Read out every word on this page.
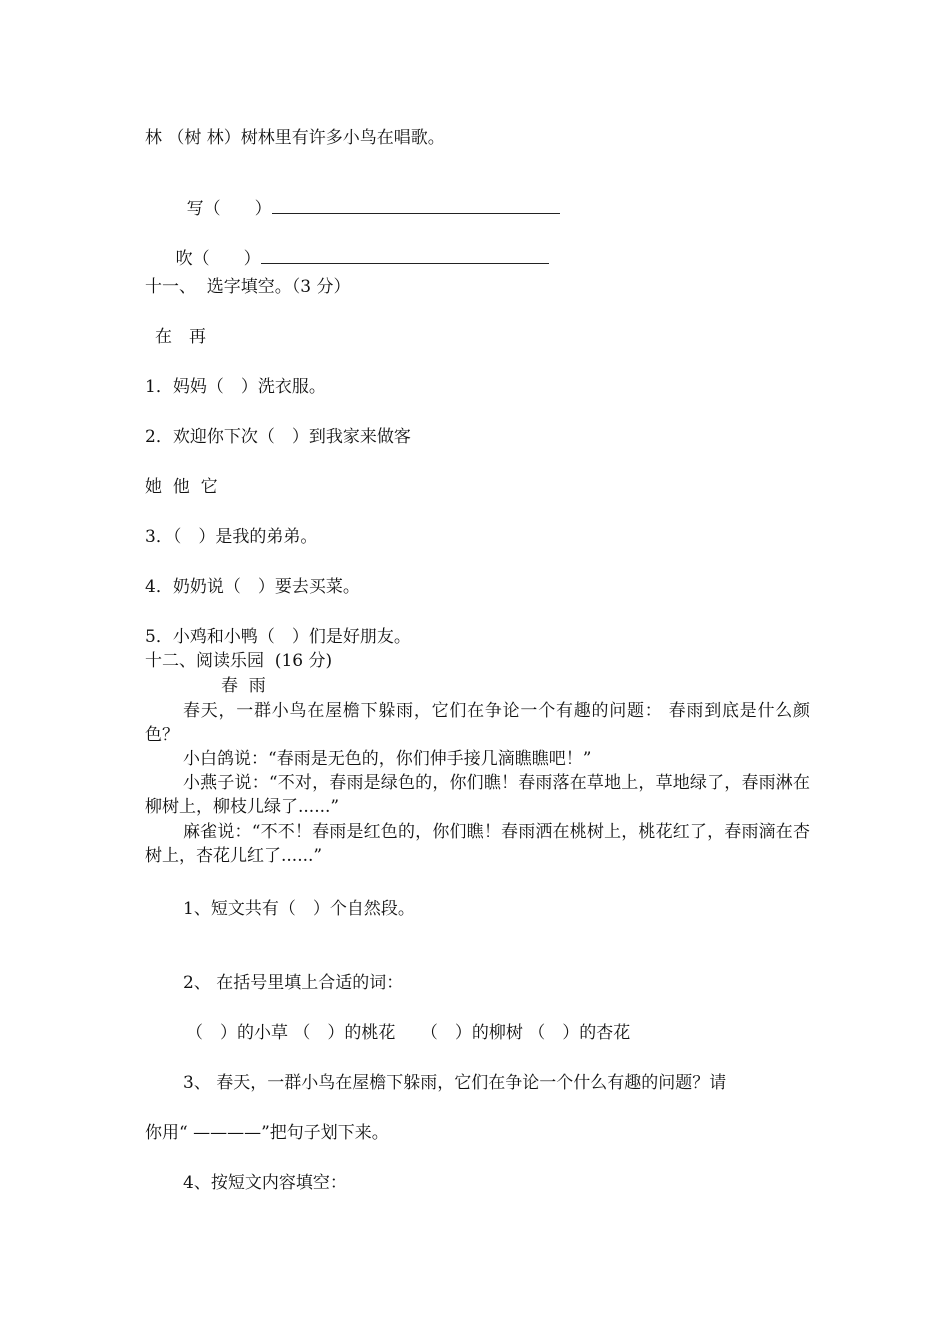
林 （树 林）树林里有许多小鸟在唱歌。

写（　　）

吹（　　）

十一、  选字填空。（3 分）
在　再
1．妈妈（　）洗衣服。
2．欢迎你下次（　）到我家来做客
她  他  它
3．（　）是我的弟弟。
4．奶奶说（　）要去买菜。
5．小鸡和小鸭（　）们是好朋友。
十二、阅读乐园  (16 分)
春  雨
春天，一群小鸟在屋檐下躲雨，它们在争论一个有趣的问题： 春雨到底是什么颜色？
小白鸽说：“春雨是无色的，你们伸手接几滴瞧瞧吧！”
小燕子说：“不对，春雨是绿色的，你们瞧！春雨落在草地上，草地绿了，春雨淋在柳树上，柳枝儿绿了......”
麻雀说：“不不！春雨是红色的，你们瞧！春雨洒在桃树上，桃花红了，春雨滴在杏树上，杏花儿红了......”
1、短文共有（　）个自然段。
2、 在括号里填上合适的词：
（　）的小草 （　）的桃花　　（　）的柳树 （　）的杏花
3、 春天，一群小鸟在屋檐下躲雨，它们在争论一个什么有趣的问题？请
你用“ ————”把句子划下来。
4、按短文内容填空：
